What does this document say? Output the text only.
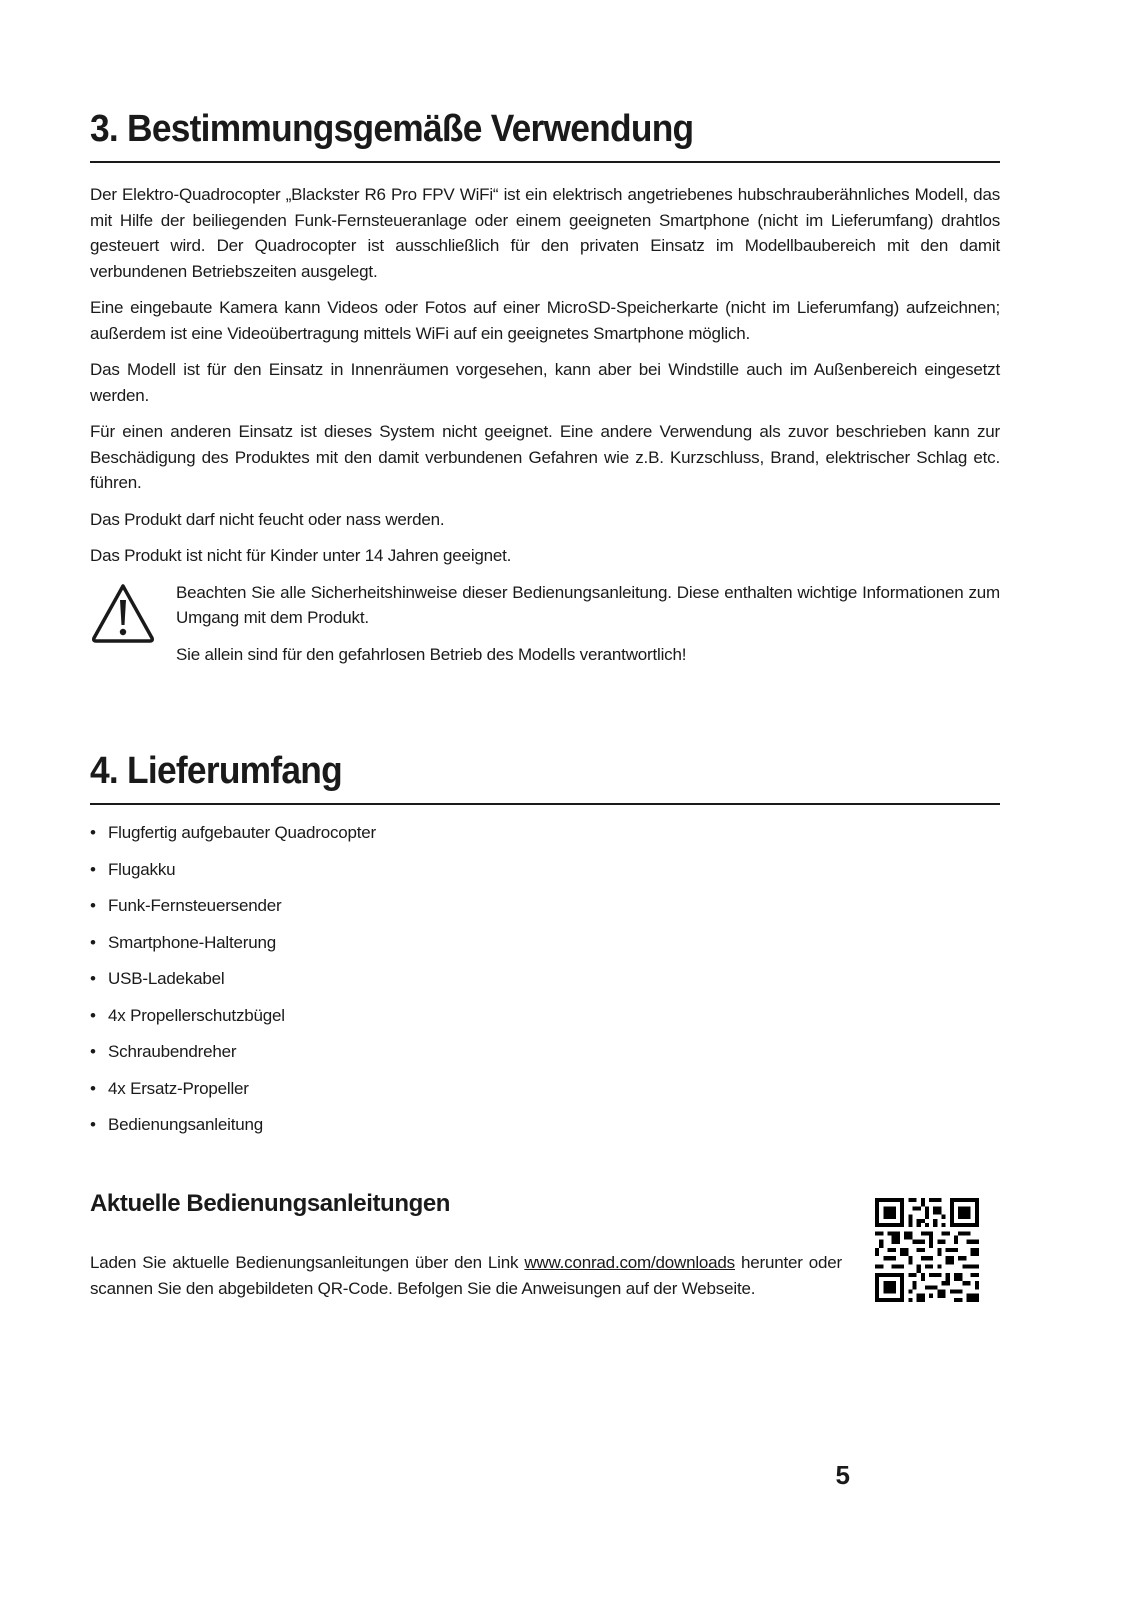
3. Bestimmungsgemäße Verwendung

Der Elektro-Quadrocopter „Blackster R6 Pro FPV WiFi“ ist ein elektrisch angetriebenes hubschrauberähnliches Modell, das mit Hilfe der beiliegenden Funk-Fernsteueranlage oder einem geeigneten Smartphone (nicht im Lieferumfang) drahtlos gesteuert wird. Der Quadrocopter ist ausschließlich für den privaten Einsatz im Modellbaubereich mit den damit verbundenen Betriebszeiten ausgelegt.

Eine eingebaute Kamera kann Videos oder Fotos auf einer MicroSD-Speicherkarte (nicht im Lieferumfang) aufzeichnen; außerdem ist eine Videoübertragung mittels WiFi auf ein geeignetes Smartphone möglich.

Das Modell ist für den Einsatz in Innenräumen vorgesehen, kann aber bei Windstille auch im Außenbereich eingesetzt werden.

Für einen anderen Einsatz ist dieses System nicht geeignet. Eine andere Verwendung als zuvor beschrieben kann zur Beschädigung des Produktes mit den damit verbundenen Gefahren wie z.B. Kurzschluss, Brand, elektrischer Schlag etc. führen.

Das Produkt darf nicht feucht oder nass werden.

Das Produkt ist nicht für Kinder unter 14 Jahren geeignet.

Beachten Sie alle Sicherheitshinweise dieser Bedienungsanleitung. Diese enthalten wichtige Informationen zum Umgang mit dem Produkt.

Sie allein sind für den gefahrlosen Betrieb des Modells verantwortlich!

4. Lieferumfang
• Flugfertig aufgebauter Quadrocopter
• Flugakku
• Funk-Fernsteuersender
• Smartphone-Halterung
• USB-Ladekabel
• 4x Propellerschutzbügel
• Schraubendreher
• 4x Ersatz-Propeller
• Bedienungsanleitung
Aktuelle Bedienungsanleitungen

Laden Sie aktuelle Bedienungsanleitungen über den Link www.conrad.com/downloads herunter oder scannen Sie den abgebildeten QR-Code. Befolgen Sie die Anweisungen auf der Webseite.

5
